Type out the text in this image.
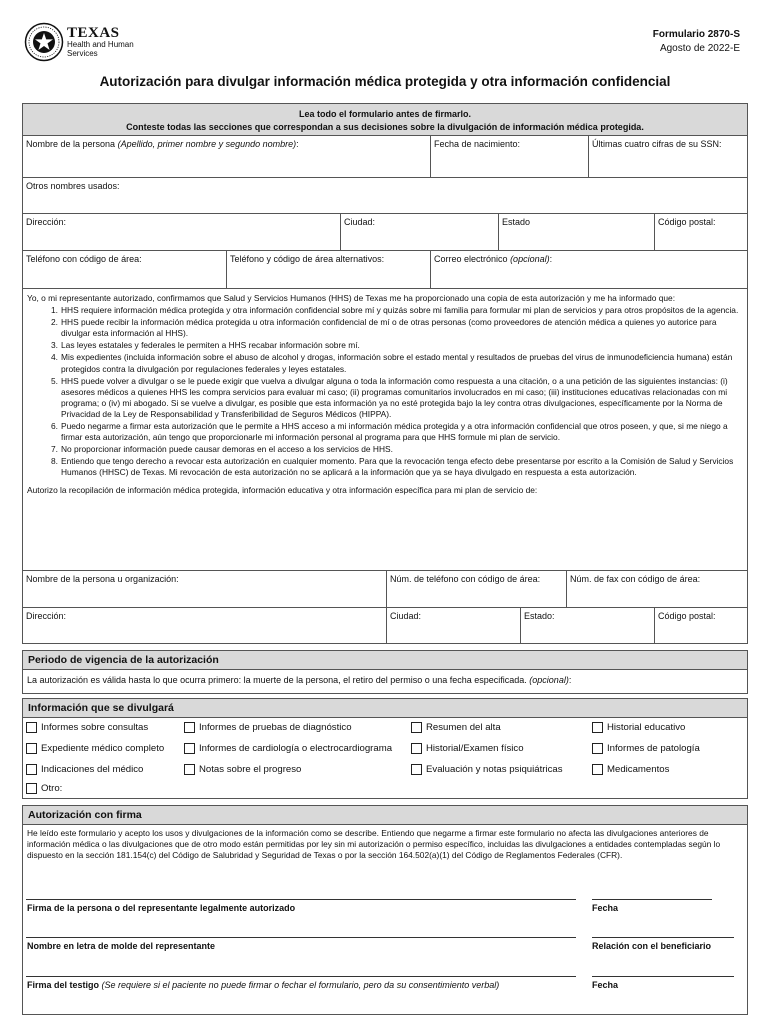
TEXAS
Health and Human
Services
Formulario 2870-S
Agosto de 2022-E
Autorización para divulgar información médica protegida y otra información confidencial
Lea todo el formulario antes de firmarlo.
Conteste todas las secciones que correspondan a sus decisiones sobre la divulgación de información médica protegida.
Nombre de la persona (Apellido, primer nombre y segundo nombre):	Fecha de nacimiento:	Últimas cuatro cifras de su SSN:
Otros nombres usados:
Dirección:	Ciudad:	Estado	Código postal:
Teléfono con código de área:	Teléfono y código de área alternativos:	Correo electrónico (opcional):
Yo, o mi representante autorizado, confirmamos que Salud y Servicios Humanos (HHS) de Texas me ha proporcionado una copia de esta autorización y me ha informado que:
1. HHS requiere información médica protegida y otra información confidencial sobre mí y quizás sobre mi familia para formular mi plan de servicios y para otros propósitos de la agencia.
2. HHS puede recibir la información médica protegida u otra información confidencial de mí o de otras personas (como proveedores de atención médica a quienes yo autorice para divulgar esta información al HHS).
3. Las leyes estatales y federales le permiten a HHS recabar información sobre mí.
4. Mis expedientes (incluida información sobre el abuso de alcohol y drogas, información sobre el estado mental y resultados de pruebas del virus de inmunodeficiencia humana) están protegidos contra la divulgación por regulaciones federales y leyes estatales.
5. HHS puede volver a divulgar o se le puede exigir que vuelva a divulgar alguna o toda la información como respuesta a una citación, o a una petición de las siguientes instancias: (i) asesores médicos a quienes HHS les compra servicios para evaluar mi caso; (ii) programas comunitarios involucrados en mi caso; (iii) instituciones educativas relacionadas con mi programa; o (iv) mi abogado. Si se vuelve a divulgar, es posible que esta información ya no esté protegida bajo la ley contra otras divulgaciones, específicamente por la Norma de Privacidad de la Ley de Responsabilidad y Transferibilidad de Seguros Médicos (HIPPA).
6. Puedo negarme a firmar esta autorización que le permite a HHS acceso a mi información médica protegida y a otra información confidencial que otros poseen, y que, si me niego a firmar esta autorización, aún tengo que proporcionarle mi información personal al programa para que HHS formule mi plan de servicio.
7. No proporcionar información puede causar demoras en el acceso a los servicios de HHS.
8. Entiendo que tengo derecho a revocar esta autorización en cualquier momento. Para que la revocación tenga efecto debe presentarse por escrito a la Comisión de Salud y Servicios Humanos (HHSC) de Texas. Mi revocación de esta autorización no se aplicará a la información que ya se haya divulgado en respuesta a esta autorización.
Autorizo la recopilación de información médica protegida, información educativa y otra información específica para mi plan de servicio de:
Nombre de la persona u organización:	Núm. de teléfono con código de área:	Núm. de fax con código de área:
Dirección:	Ciudad:	Estado:	Código postal:
Periodo de vigencia de la autorización
La autorización es válida hasta lo que ocurra primero: la muerte de la persona, el retiro del permiso o una fecha especificada. (opcional):
Información que se divulgará
Informes sobre consultas	Informes de pruebas de diagnóstico	Resumen del alta	Historial educativo
Expediente médico completo	Informes de cardiología o electrocardiograma	Historial/Examen físico	Informes de patología
Indicaciones del médico	Notas sobre el progreso	Evaluación y notas psiquiátricas	Medicamentos
Otro:
Autorización con firma
He leído este formulario y acepto los usos y divulgaciones de la información como se describe. Entiendo que negarme a firmar este formulario no afecta las divulgaciones anteriores de información médica o las divulgaciones que de otro modo están permitidas por ley sin mi autorización o permiso específico, incluidas las divulgaciones a entidades contempladas según lo dispuesto en la sección 181.154(c) del Código de Salubridad y Seguridad de Texas o por la sección 164.502(a)(1) del Código de Reglamentos Federales (CFR).
Firma de la persona o del representante legalmente autorizado	Fecha
Nombre en letra de molde del representante	Relación con el beneficiario
Firma del testigo (Se requiere si el paciente no puede firmar o fechar el formulario, pero da su consentimiento verbal)	Fecha
